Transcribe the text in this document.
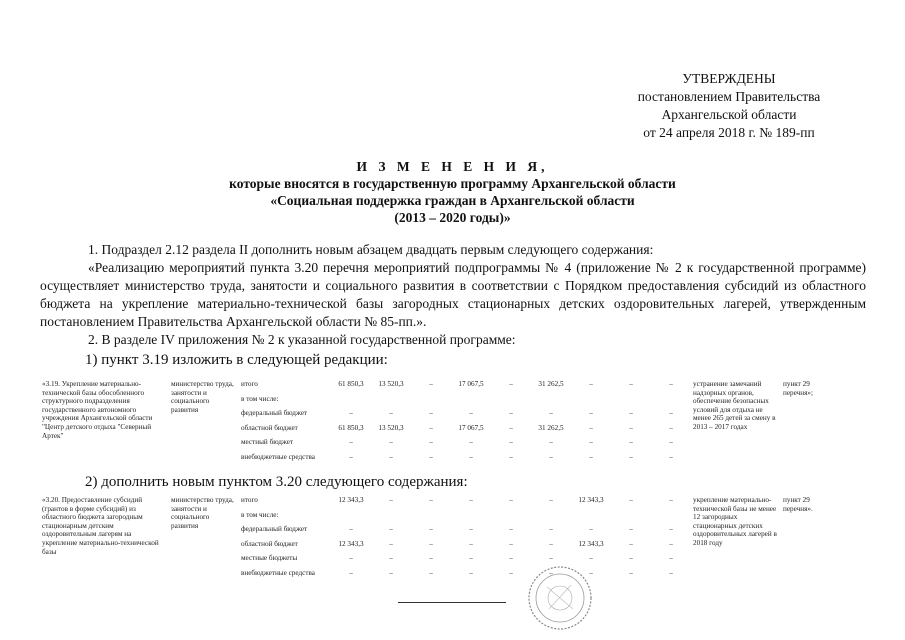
УТВЕРЖДЕНЫ
постановлением Правительства
Архангельской области
от 24 апреля 2018 г. № 189-пп
И З М Е Н Е Н И Я,
которые вносятся в государственную программу Архангельской области
«Социальная поддержка граждан в Архангельской области
(2013 – 2020 годы)»

1. Подраздел 2.12 раздела II дополнить новым абзацем двадцать первым следующего содержания:

«Реализацию мероприятий пункта 3.20 перечня мероприятий подпрограммы № 4 (приложение № 2 к государственной программе) осуществляет министерство труда, занятости и социального развития в соответствии с Порядком предоставления субсидий из областного бюджета на укрепление материально-технической базы загородных стационарных детских оздоровительных лагерей, утвержденным постановлением Правительства Архангельской области № 85-пп.».

2. В разделе IV приложения № 2 к указанной государственной программе:

1) пункт 3.19 изложить в следующей редакции:
«3.19. Укрепление материально-технической базы обособленного структурного подразделения государственного автономного учреждения Архангельской области "Центр детского отдыха "Северный Артек"	министерство труда, занятости и социального развития	итого	61 850,3	13 520,3	–	17 067,5	–	31 262,5	–	–	–	устранение замечаний надзорных органов, обеспечение безопасных условий для отдыха не менее 265 детей за смену в 2013 – 2017 годах	пункт 29 перечня»;
		в том числе:											
		федеральный бюджет	–	–	–	–	–	–	–	–	–		
		областной бюджет	61 850,3	13 520,3	–	17 067,5	–	31 262,5	–	–	–		
		местный бюджет	–	–	–	–	–	–	–	–	–		
		внебюджетные средства	–	–	–	–	–	–	–	–	–		
2) дополнить новым пунктом 3.20 следующего содержания:
«3.20. Предоставление субсидий (грантов в форме субсидий) из областного бюджета загородным стационарным детским оздоровительным лагерям на укрепление материально-технической базы	министерство труда, занятости и социального развития	итого	12 343,3	–	–	–	–	–	12 343,3	–	–	укрепление материально-технической базы не менее 12 загородных стационарных детских оздоровительных лагерей в 2018 году	пункт 29 перечня».
		в том числе:											
		федеральный бюджет	–	–	–	–	–	–	–	–	–		
		областной бюджет	12 343,3	–	–	–	–	–	12 343,3	–	–		
		местные бюджеты	–	–	–	–	–	–	–	–	–		
		внебюджетные средства	–	–	–	–	–	–	–	–	–		
